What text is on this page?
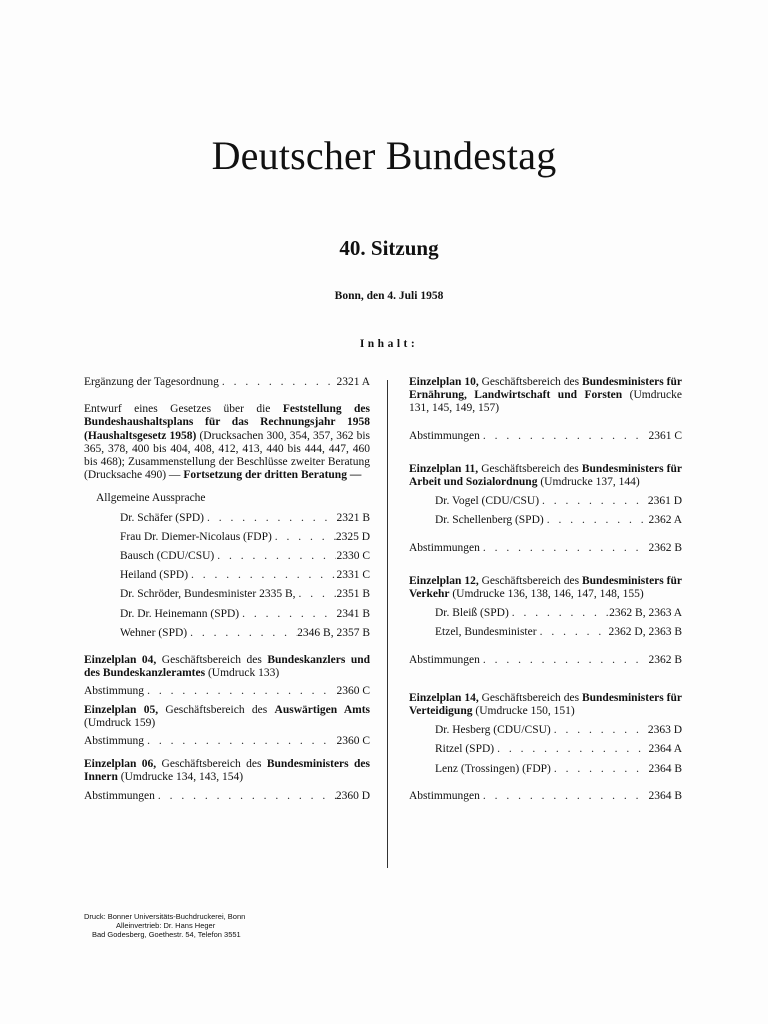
Deutscher Bundestag
40. Sitzung
Bonn, den 4. Juli 1958
Inhalt:
Ergänzung der Tagesordnung . . .	2321 A
Entwurf eines Gesetzes über die Feststellung des Bundeshaushaltsplans für das Rechnungsjahr 1958 (Haushaltsgesetz 1958) (Drucksachen 300, 354, 357, 362 bis 365, 378, 400 bis 404, 408, 412, 413, 440 bis 444, 447, 460 bis 468); Zusammenstellung der Beschlüsse zweiter Beratung (Drucksache 490) — Fortsetzung der dritten Beratung —
Allgemeine Aussprache
Dr. Schäfer (SPD) . . .	2321 B
Frau Dr. Diemer-Nicolaus (FDP) . . .	2325 D
Bausch (CDU/CSU) . . .	2330 C
Heiland (SPD) . . .	2331 C
Dr. Schröder, Bundesminister 2335 B, . . .	2351 B
Dr. Dr. Heinemann (SPD) . . .	2341 B
Wehner (SPD) . . .	2346 B, 2357 B
Einzelplan 04, Geschäftsbereich des Bundeskanzlers und des Bundeskanzleramtes (Umdruck 133)
Abstimmung . . .	2360 C
Einzelplan 05, Geschäftsbereich des Auswärtigen Amts (Umdruck 159)
Abstimmung . . .	2360 C
Einzelplan 06, Geschäftsbereich des Bundesministers des Innern (Umdrucke 134, 143, 154)
Abstimmungen . . .	2360 D
Einzelplan 10, Geschäftsbereich des Bundesministers für Ernährung, Landwirtschaft und Forsten (Umdrucke 131, 145, 149, 157)
Abstimmungen . . .	2361 C
Einzelplan 11, Geschäftsbereich des Bundesministers für Arbeit und Sozialordnung (Umdrucke 137, 144)
Dr. Vogel (CDU/CSU) . . .	2361 D
Dr. Schellenberg (SPD) . . .	2362 A
Abstimmungen . . .	2362 B
Einzelplan 12, Geschäftsbereich des Bundesministers für Verkehr (Umdrucke 136, 138, 146, 147, 148, 155)
Dr. Bleiß (SPD) . . .	2362 B, 2363 A
Etzel, Bundesminister . . .	2362 D, 2363 B
Abstimmungen . . .	2362 B
Einzelplan 14, Geschäftsbereich des Bundesministers für Verteidigung (Umdrucke 150, 151)
Dr. Hesberg (CDU/CSU) . . .	2363 D
Ritzel (SPD) . . .	2364 A
Lenz (Trossingen) (FDP) . . .	2364 B
Abstimmungen . . .	2364 B
Druck: Bonner Universitäts-Buchdruckerei, Bonn
Alleinvertrieb: Dr. Hans Heger
Bad Godesberg, Goethestr. 54, Telefon 3551
